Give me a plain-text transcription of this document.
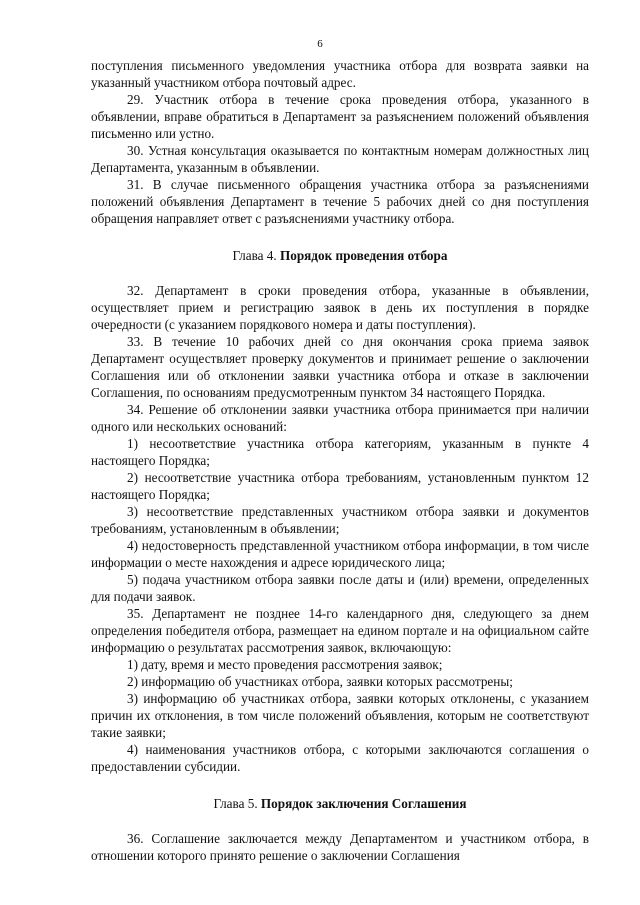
6

поступления письменного уведомления участника отбора для возврата заявки на указанный участником отбора почтовый адрес.

29. Участник отбора в течение срока проведения отбора, указанного в объявлении, вправе обратиться в Департамент за разъяснением положений объявления письменно или устно.

30. Устная консультация оказывается по контактным номерам должностных лиц Департамента, указанным в объявлении.

31. В случае письменного обращения участника отбора за разъяснениями положений объявления Департамент в течение 5 рабочих дней со дня поступления обращения направляет ответ с разъяснениями участнику отбора.

Глава 4. Порядок проведения отбора

32. Департамент в сроки проведения отбора, указанные в объявлении, осуществляет прием и регистрацию заявок в день их поступления в порядке очередности (с указанием порядкового номера и даты поступления).

33. В течение 10 рабочих дней со дня окончания срока приема заявок Департамент осуществляет проверку документов и принимает решение о заключении Соглашения или об отклонении заявки участника отбора и отказе в заключении Соглашения, по основаниям предусмотренным пунктом 34 настоящего Порядка.

34. Решение об отклонении заявки участника отбора принимается при наличии одного или нескольких оснований:

1) несоответствие участника отбора категориям, указанным в пункте 4 настоящего Порядка;

2) несоответствие участника отбора требованиям, установленным пунктом 12 настоящего Порядка;

3) несоответствие представленных участником отбора заявки и документов требованиям, установленным в объявлении;

4) недостоверность представленной участником отбора информации, в том числе информации о месте нахождения и адресе юридического лица;

5) подача участником отбора заявки после даты и (или) времени, определенных для подачи заявок.

35. Департамент не позднее 14-го календарного дня, следующего за днем определения победителя отбора, размещает на едином портале и на официальном сайте информацию о результатах рассмотрения заявок, включающую:

1) дату, время и место проведения рассмотрения заявок;

2) информацию об участниках отбора, заявки которых рассмотрены;

3) информацию об участниках отбора, заявки которых отклонены, с указанием причин их отклонения, в том числе положений объявления, которым не соответствуют такие заявки;

4) наименования участников отбора, с которыми заключаются соглашения о предоставлении субсидии.

Глава 5. Порядок заключения Соглашения

36. Соглашение заключается между Департаментом и участником отбора, в отношении которого принято решение о заключении Соглашения
